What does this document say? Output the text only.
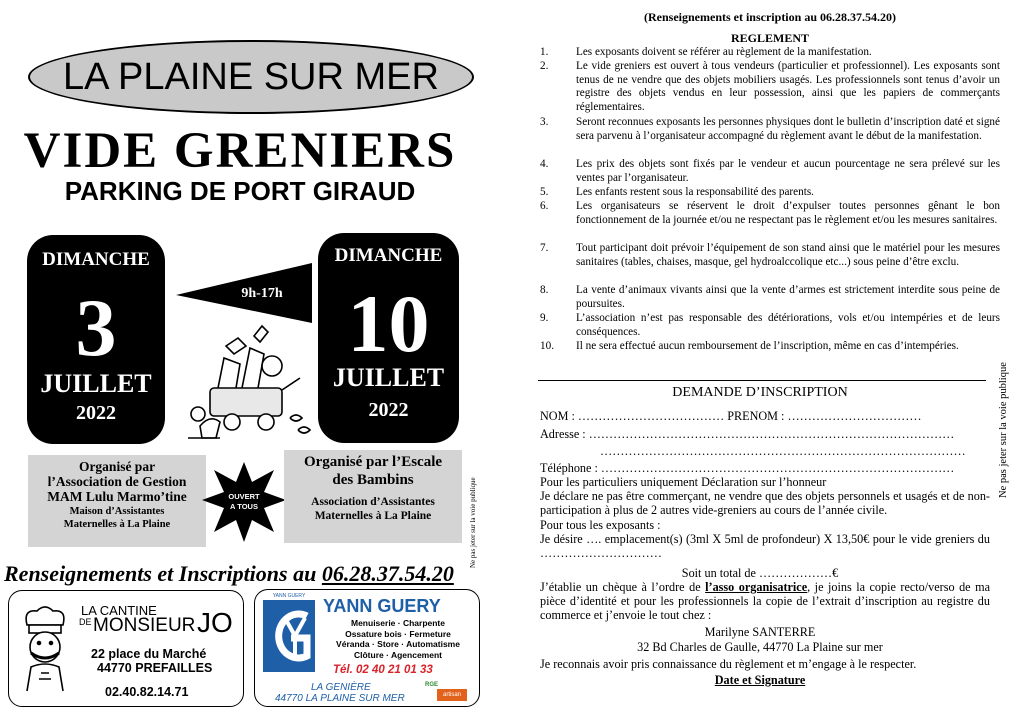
LA PLAINE SUR MER
VIDE GRENIERS
PARKING DE PORT GIRAUD
DIMANCHE
3
JUILLET
2022
DIMANCHE
10
JUILLET
2022
9h-17h
Organisé par
l’Association de Gestion
MAM Lulu Marmo’tine
Maison d’Assistantes
Maternelles à La Plaine
OUVERT
A TOUS
Organisé par l’Escale
des Bambins
Association d’Assistantes
Maternelles à La Plaine
Renseignements et Inscriptions au 06.28.37.54.20
LA CANTINE
DE MONSIEUR JO
22 place du Marché
44770 PREFAILLES
02.40.82.14.71
YANN GUERY YANN GUERY
Menuiserie · Charpente
Ossature bois · Fermeture
Véranda · Store · Automatisme
Clôture · Agencement
Tél. 02 40 21 01 33
LA GENIÈRE
44770 LA PLAINE SUR MER
RGE
artisan
Ne pas jeter sur la voie publique
Ne pas jeter sur la voie publique
(Renseignements et inscription au 06.28.37.54.20)
REGLEMENT
1.	Les exposants doivent se référer au règlement de la manifestation.
2.	Le vide greniers est ouvert à tous vendeurs (particulier et professionnel). Les exposants sont tenus de ne vendre que des objets mobiliers usagés. Les professionnels sont tenus d’avoir un registre des objets vendus en leur possession, ainsi que les papiers de commerçants réglementaires.
3.	Seront reconnues exposants les personnes physiques dont le bulletin d’inscription daté et signé sera parvenu à l’organisateur accompagné du règlement avant le début de la manifestation.
4.	Les prix des objets sont fixés par le vendeur et aucun pourcentage ne sera prélevé sur les ventes par l’organisateur.
5.	Les enfants restent sous la responsabilité des parents.
6.	Les organisateurs se réservent le droit d’expulser toutes personnes gênant le bon fonctionnement de la journée et/ou ne respectant pas le règlement et/ou les mesures sanitaires.
7.	Tout participant doit prévoir l’équipement de son stand ainsi que le matériel pour les mesures sanitaires (tables, chaises, masque, gel hydroalccolique etc...) sous peine d’être exclu.
8.	La vente d’animaux vivants ainsi que la vente d’armes est strictement interdite sous peine de poursuites.
9.	L’association n’est pas responsable des détériorations, vols et/ou intempéries et de leurs conséquences.
10.	Il ne sera effectué aucun remboursement de l’inscription, même en cas d’intempéries.
DEMANDE D’INSCRIPTION
NOM : ……………………………… PRENOM : ……………………………
Adresse : ………………………………………………………………………………
………………………………………………………………………………
Téléphone : ……………………………………………………………………………
Pour les particuliers uniquement Déclaration sur l’honneur
Je déclare ne pas être commerçant, ne vendre que des objets personnels et usagés et de non-participation à plus de 2 autres vide-greniers au cours de l’année civile.
Pour tous les exposants :
Je désire …. emplacement(s) (3ml X 5ml de profondeur) X 13,50€ pour le vide greniers du …………………………
Soit un total de ………………€
J’établie un chèque à l’ordre de l’asso organisatrice, je joins la copie recto/verso de ma pièce d’identité et pour les professionnels la copie de l’extrait d’inscription au registre du commerce et j’envoie le tout chez :
Marilyne SANTERRE
32 Bd Charles de Gaulle, 44770 La Plaine sur mer
Je reconnais avoir pris connaissance du règlement et m’engage à le respecter.
Date et Signature
